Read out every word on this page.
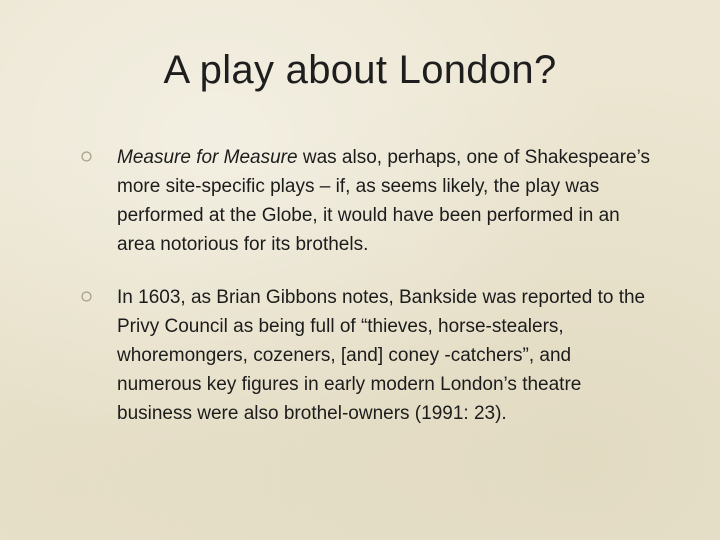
A play about London?
Measure for Measure was also, perhaps, one of Shakespeare’s more site-specific plays – if, as seems likely, the play was performed at the Globe, it would have been performed in an area notorious for its brothels.
In 1603, as Brian Gibbons notes, Bankside was reported to the Privy Council as being full of “thieves, horse-stealers, whoremongers, cozeners, [and] coney -catchers”, and numerous key figures in early modern London’s theatre business were also brothel-owners (1991: 23).
